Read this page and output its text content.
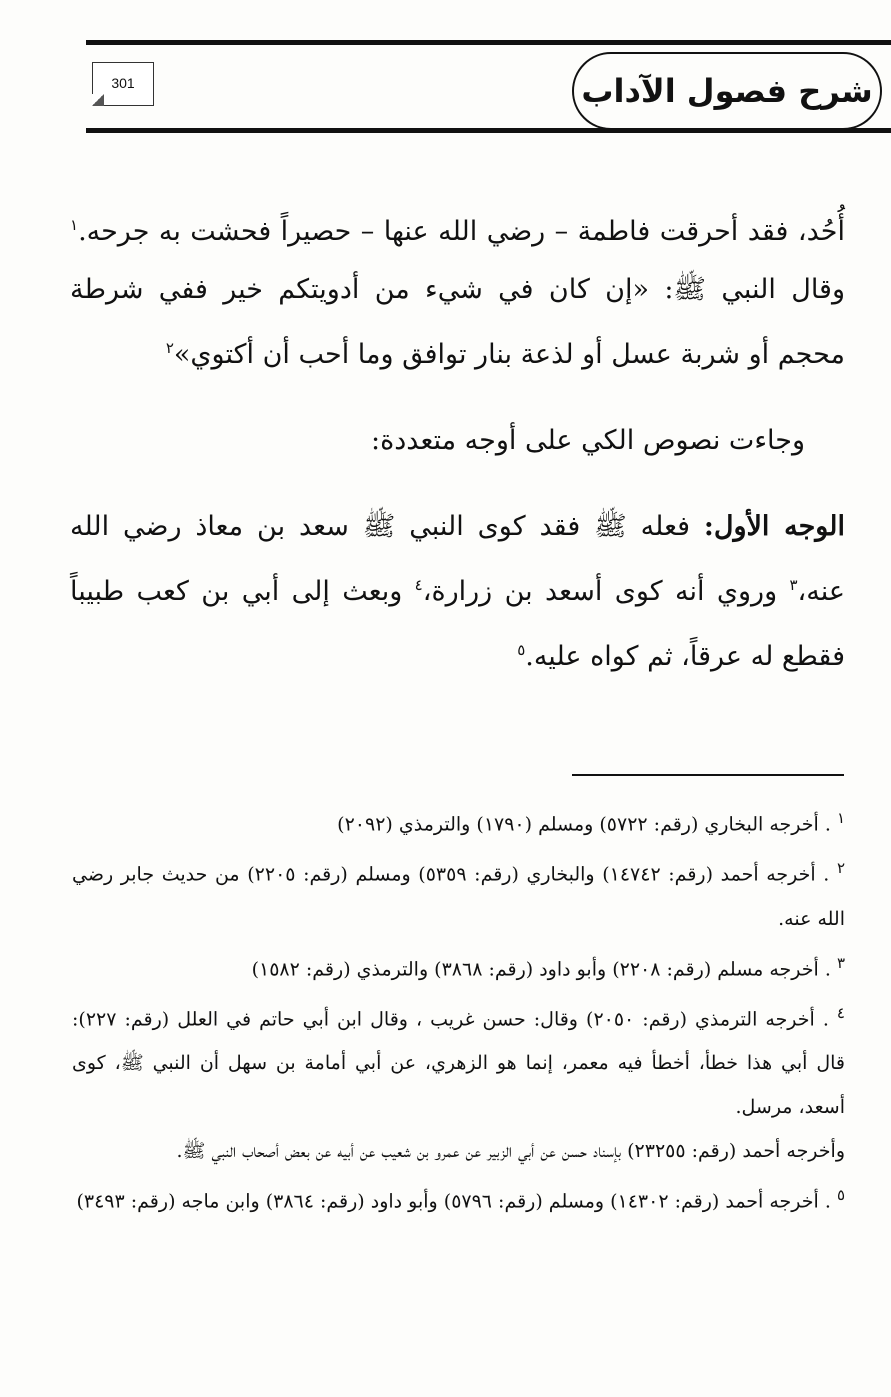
301	شرح فصول الآداب

أُحُد، فقد أحرقت فاطمة – رضي الله عنها – حصيراً فحشت به جرحه.$^١$ وقال النبي ﷺ: «إن كان في شيء من أدويتكم خير ففي شرطة محجم أو شربة عسل أو لذعة بنار توافق وما أحب أن أكتوي»$^٢$

وجاءت نصوص الكي على أوجه متعددة:

الوجه الأول: فعله ﷺ فقد كوى النبي ﷺ سعد بن معاذ رضي الله عنه،$^٣$ وروي أنه كوى أسعد بن زرارة،$^٤$ وبعث إلى أبي بن كعب طبيباً فقطع له عرقاً، ثم كواه عليه.$^٥$

$^١$ . أخرجه البخاري (رقم: ٥٧٢٢) ومسلم (١٧٩٠) والترمذي (٢٠٩٢)

$^٢$ . أخرجه أحمد (رقم: ١٤٧٤٢) والبخاري (رقم: ٥٣٥٩) ومسلم (رقم: ٢٢٠٥) من حديث جابر رضي الله عنه.

$^٣$ . أخرجه مسلم (رقم: ٢٢٠٨) وأبو داود (رقم: ٣٨٦٨) والترمذي (رقم: ١٥٨٢)

$^٤$ . أخرجه الترمذي (رقم: ٢٠٥٠) وقال: حسن غريب ، وقال ابن أبي حاتم في العلل (رقم: ٢٢٧): قال أبي هذا خطأ، أخطأ فيه معمر، إنما هو الزهري، عن أبي أمامة بن سهل أن النبي ﷺ، كوى أسعد، مرسل.

وأخرجه أحمد (رقم: ٢٣٢٥٥) بإسناد حسن عن أبي الزبير عن عمرو بن شعيب عن أبيه عن بعض أصحاب النبي ﷺ.

$^٥$ . أخرجه أحمد (رقم: ١٤٣٠٢) ومسلم (رقم: ٥٧٩٦) وأبو داود (رقم: ٣٨٦٤) وابن ماجه (رقم: ٣٤٩٣)
